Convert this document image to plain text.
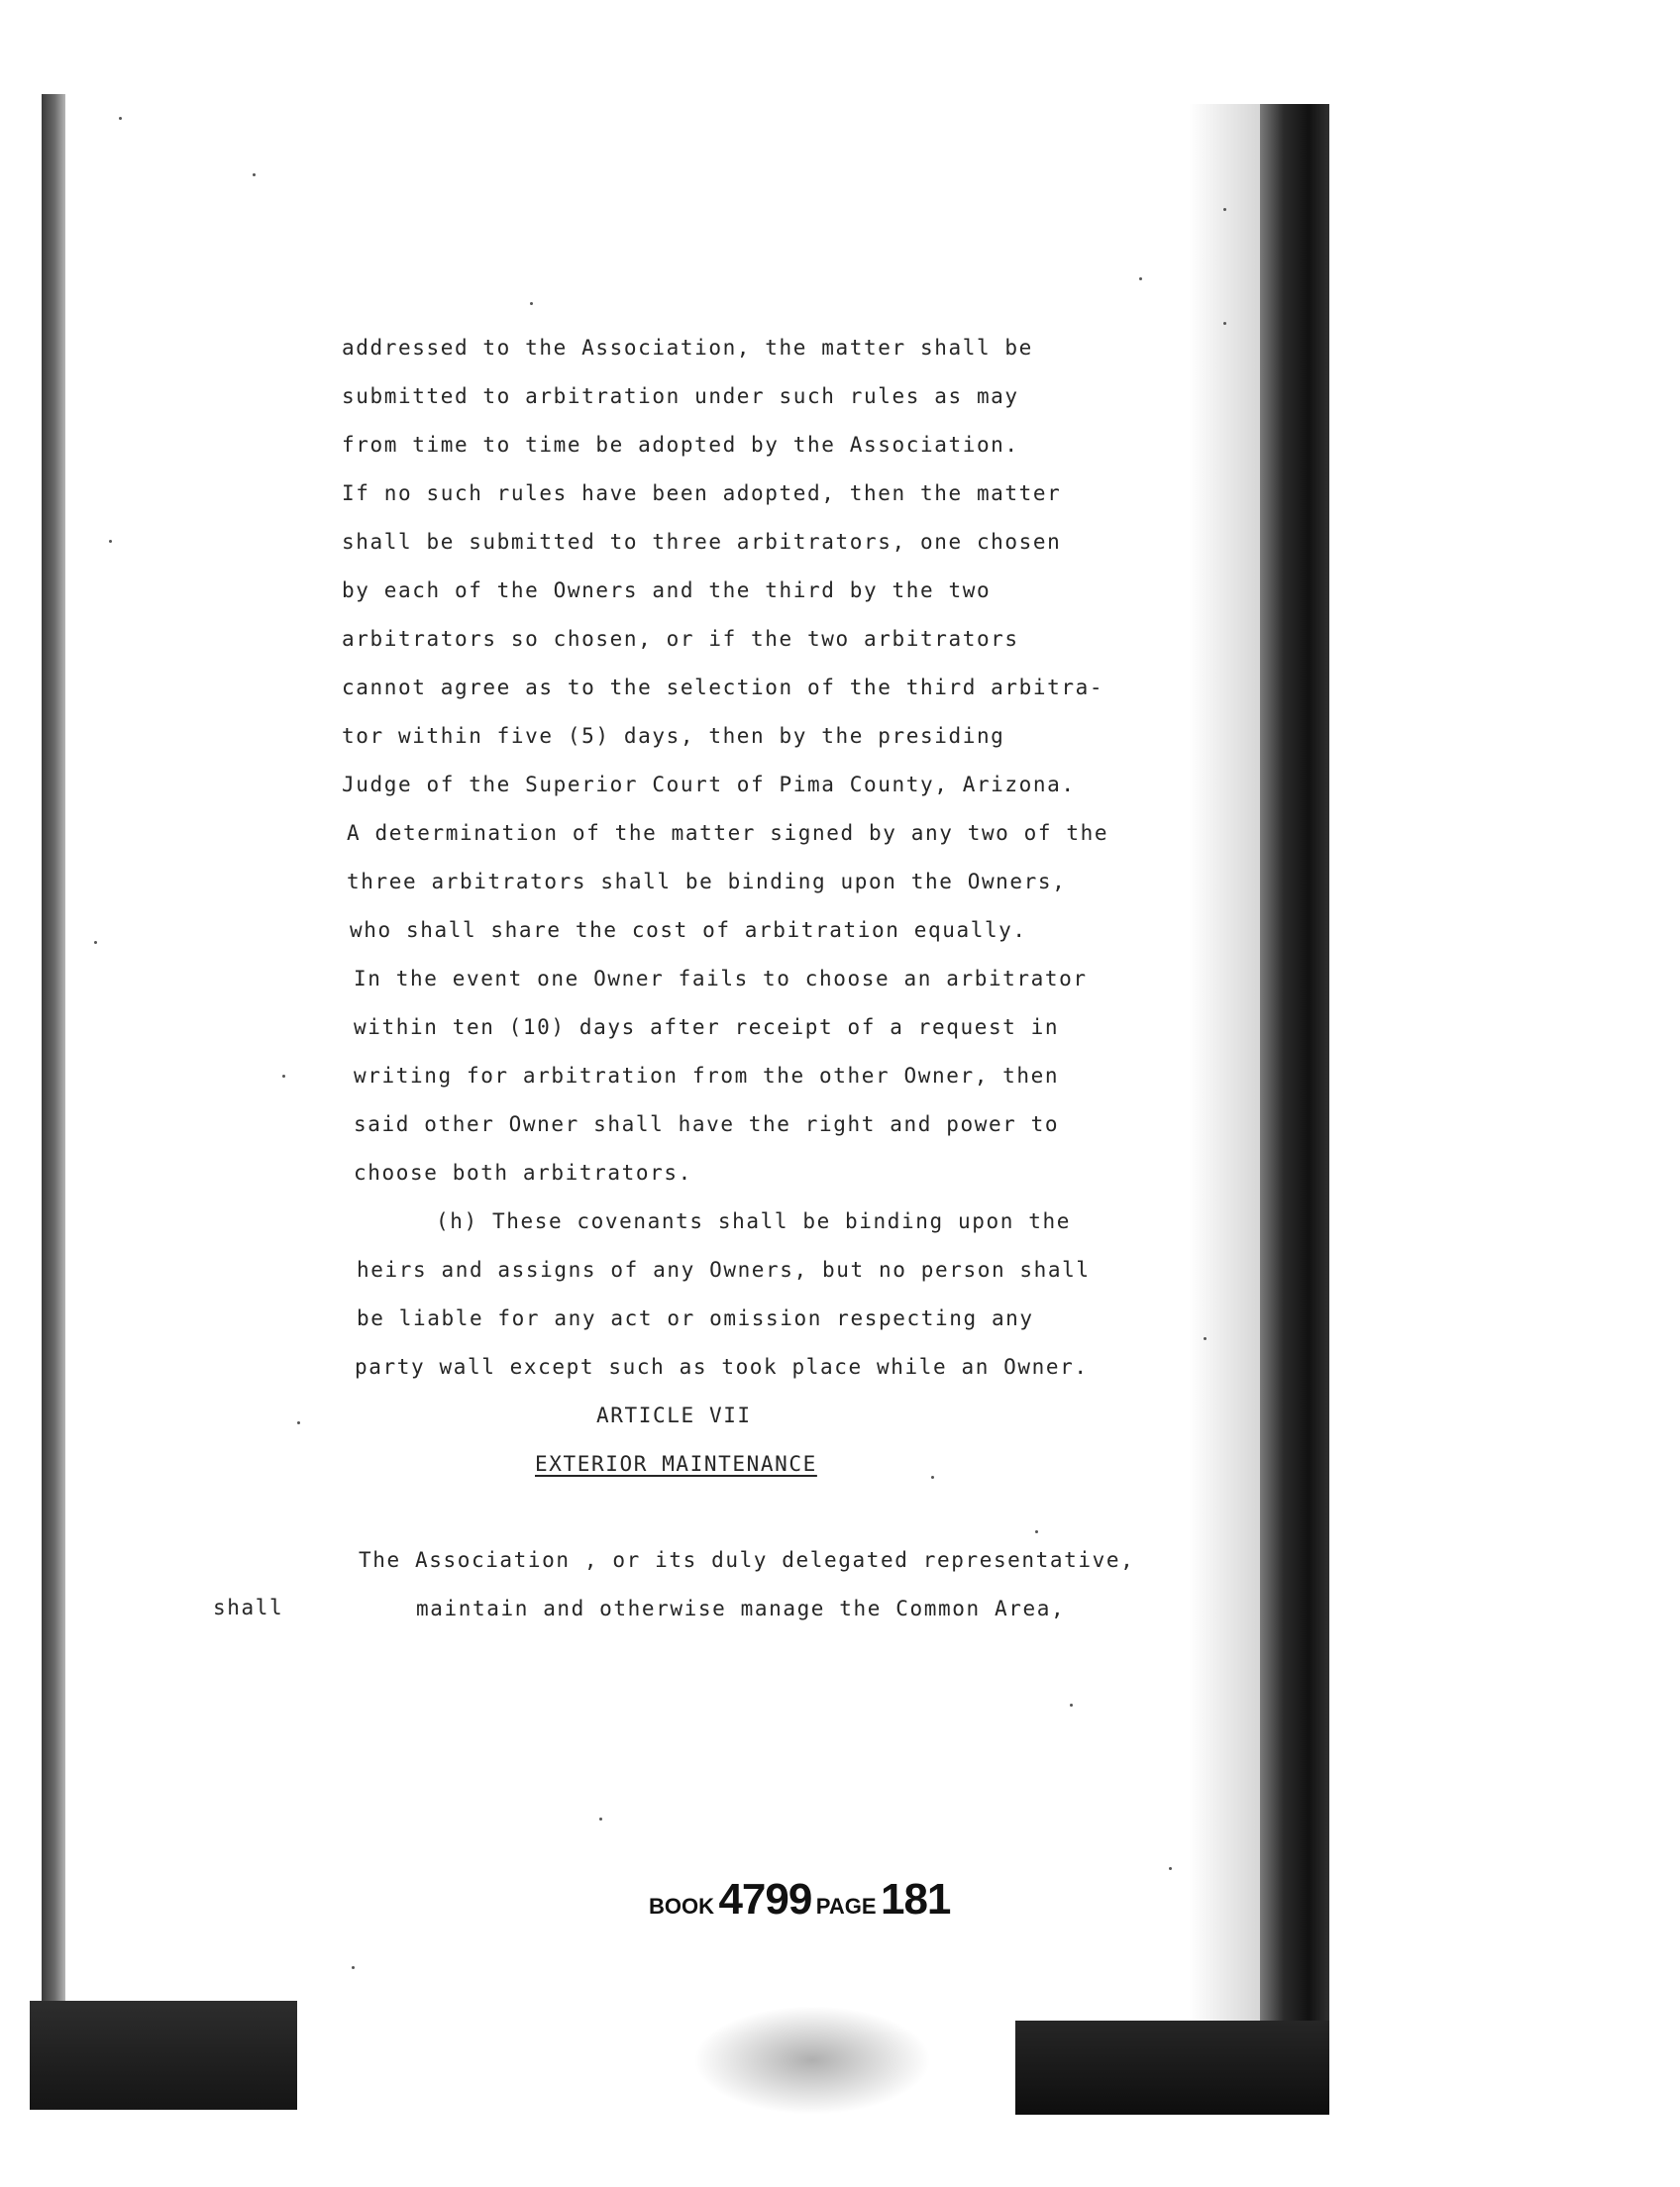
addressed to the Association, the matter shall be

submitted to arbitration under such rules as may

from time to time be adopted by the Association.

If no such rules have been adopted, then the matter

shall be submitted to three arbitrators, one chosen

by each of the Owners and the third by the two

arbitrators so chosen, or if the two arbitrators

cannot agree as to the selection of the third arbitra-

tor within five (5) days, then by the presiding

Judge of the Superior Court of Pima County, Arizona.

A determination of the matter signed by any two of the

three arbitrators shall be binding upon the Owners,

who shall share the cost of arbitration equally.

In the event one Owner fails to choose an arbitrator

within ten (10) days after receipt of a request in

writing for arbitration from the other Owner, then

said other Owner shall have the right and power to

choose both arbitrators.

(h) These covenants shall be binding upon the

heirs and assigns of any Owners, but no person shall

be liable for any act or omission respecting any

party wall except such as took place while an Owner.

ARTICLE VII

EXTERIOR MAINTENANCE

The Association , or its duly delegated representative,

shall	maintain and otherwise manage the Common Area,

BOOK 4799 PAGE 181
